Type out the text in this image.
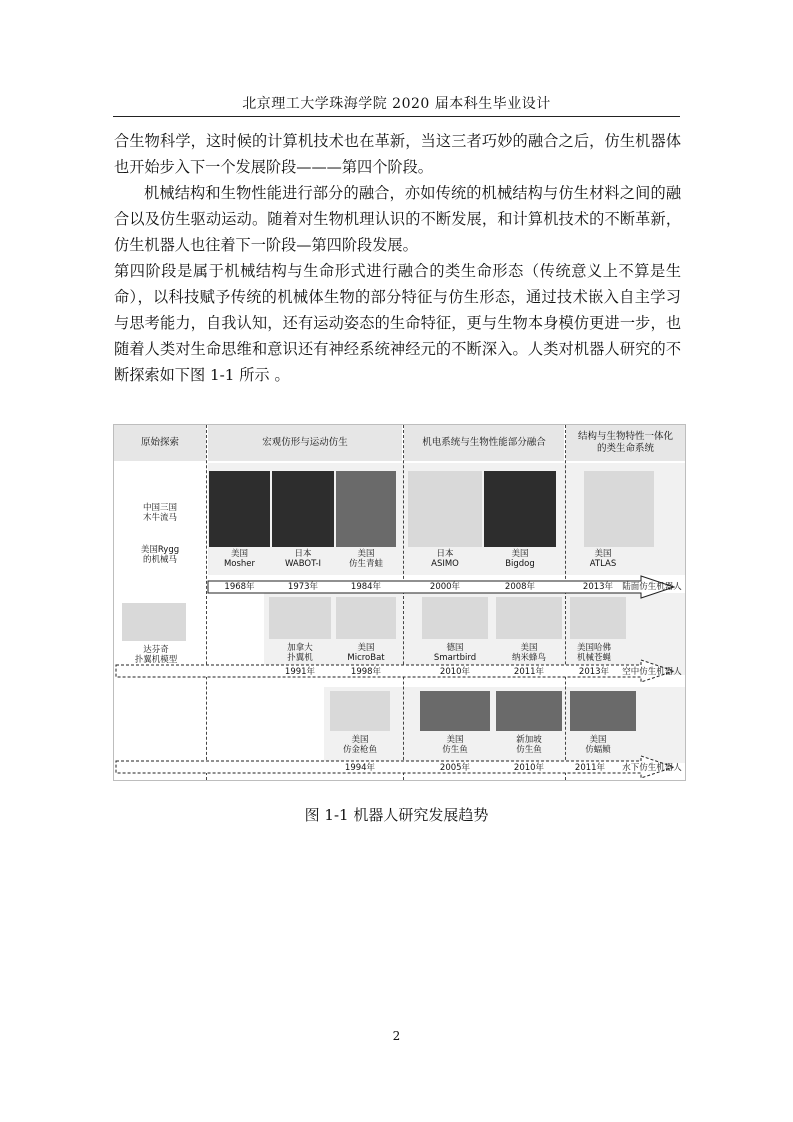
北京理工大学珠海学院 2020 届本科生毕业设计

合生物科学，这时候的计算机技术也在革新，当这三者巧妙的融合之后，仿生机器体也开始步入下一个发展阶段———第四个阶段。

机械结构和生物性能进行部分的融合，亦如传统的机械结构与仿生材料之间的融合以及仿生驱动运动。随着对生物机理认识的不断发展，和计算机技术的不断革新，仿生机器人也往着下一阶段—第四阶段发展。

第四阶段是属于机械结构与生命形式进行融合的类生命形态（传统意义上不算是生命），以科技赋予传统的机械体生物的部分特征与仿生形态，通过技术嵌入自主学习与思考能力，自我认知，还有运动姿态的生命特征，更与生物本身模仿更进一步，也随着人类对生命思维和意识还有神经系统神经元的不断深入。人类对机器人研究的不断探索如下图 1-1 所示 。

原始探索	宏观仿形与运动仿生	机电系统与生物性能部分融合
结构与生物特性一体化的类生命系统
中国三国
木牛流马
美国Rygg
的机械马
美国
Mosher
日本
WABOT-I
美国
仿生青蛙
日本
ASIMO
美国
Bigdog
美国
ATLAS
1968年	1973年	1984年	2000年	2008年	2013年	陆面仿生机器人
达芬奇
扑翼机模型
加拿大
扑翼机
美国
MicroBat
德国
Smartbird
美国
纳米蜂鸟
美国哈佛
机械苍蝇
1991年	1998年	2010年	2011年	2013年	空中仿生机器人
美国
仿金枪鱼
美国
仿生鱼
新加坡
仿生鱼
美国
仿蝠鲼
1994年	2005年	2010年	2011年	水下仿生机器人
图 1-1 机器人研究发展趋势
2
